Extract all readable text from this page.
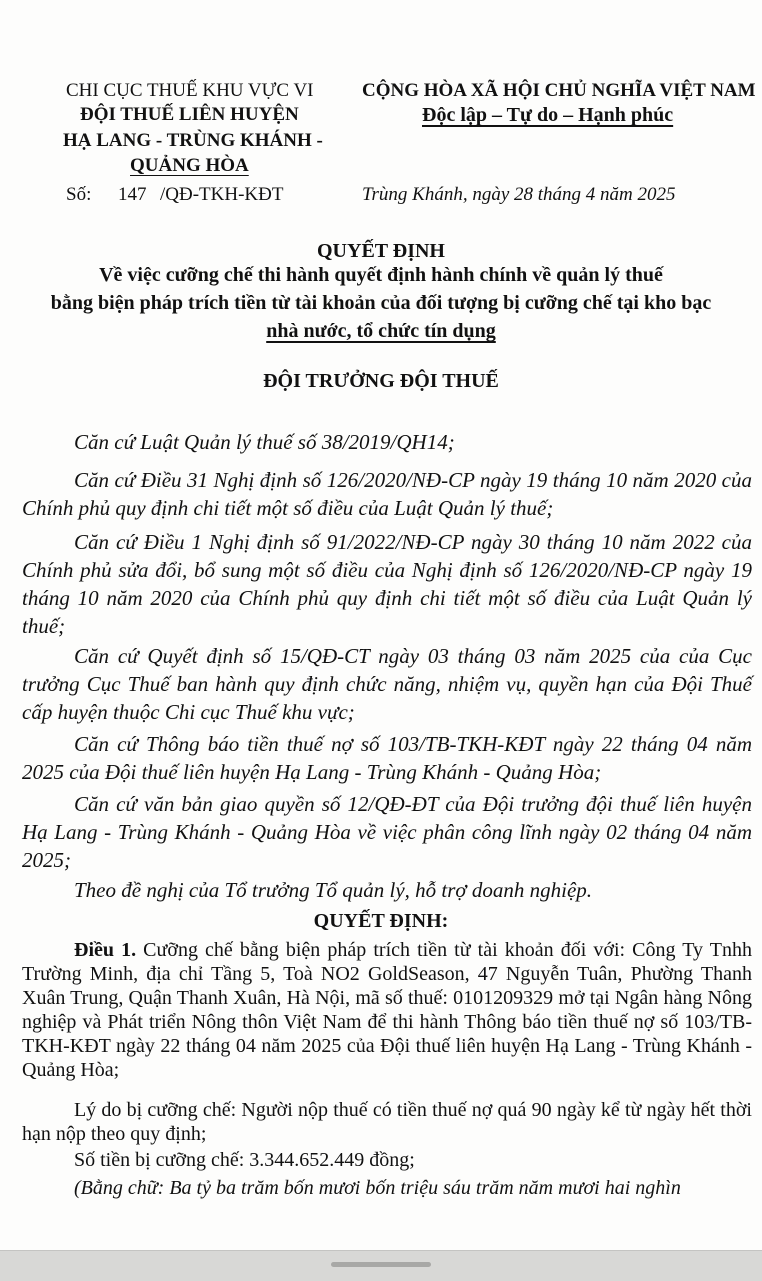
CHI CỤC THUẾ KHU VỰC VI
ĐỘI THUẾ LIÊN HUYỆN
HẠ LANG - TRÙNG KHÁNH -
QUẢNG HÒA
CỘNG HÒA XÃ HỘI CHỦ NGHĨA VIỆT NAM
Độc lập – Tự do – Hạnh phúc
Số: 147 /QĐ-TKH-KĐT	Trùng Khánh, ngày 28 tháng 4 năm 2025
QUYẾT ĐỊNH
Về việc cưỡng chế thi hành quyết định hành chính về quản lý thuế
bằng biện pháp trích tiền từ tài khoản của đối tượng bị cưỡng chế tại kho bạc
nhà nước, tổ chức tín dụng
ĐỘI TRƯỞNG ĐỘI THUẾ
Căn cứ Luật Quản lý thuế số 38/2019/QH14;
Căn cứ Điều 31 Nghị định số 126/2020/NĐ-CP ngày 19 tháng 10 năm 2020 của Chính phủ quy định chi tiết một số điều của Luật Quản lý thuế;
Căn cứ Điều 1 Nghị định số 91/2022/NĐ-CP ngày 30 tháng 10 năm 2022 của Chính phủ sửa đổi, bổ sung một số điều của Nghị định số 126/2020/NĐ-CP ngày 19 tháng 10 năm 2020 của Chính phủ quy định chi tiết một số điều của Luật Quản lý thuế;
Căn cứ Quyết định số 15/QĐ-CT ngày 03 tháng 03 năm 2025 của của Cục trưởng Cục Thuế ban hành quy định chức năng, nhiệm vụ, quyền hạn của Đội Thuế cấp huyện thuộc Chi cục Thuế khu vực;
Căn cứ Thông báo tiền thuế nợ số 103/TB-TKH-KĐT ngày 22 tháng 04 năm 2025 của Đội thuế liên huyện Hạ Lang - Trùng Khánh - Quảng Hòa;
Căn cứ văn bản giao quyền số 12/QĐ-ĐT của Đội trưởng đội thuế liên huyện Hạ Lang - Trùng Khánh - Quảng Hòa về việc phân công lĩnh ngày 02 tháng 04 năm 2025;
Theo đề nghị của Tổ trưởng Tổ quản lý, hỗ trợ doanh nghiệp.
QUYẾT ĐỊNH:
Điều 1. Cưỡng chế bằng biện pháp trích tiền từ tài khoản đối với: Công Ty Tnhh Trường Minh, địa chỉ Tầng 5, Toà NO2 GoldSeason, 47 Nguyễn Tuân, Phường Thanh Xuân Trung, Quận Thanh Xuân, Hà Nội, mã số thuế: 0101209329 mở tại Ngân hàng Nông nghiệp và Phát triển Nông thôn Việt Nam để thi hành Thông báo tiền thuế nợ số 103/TB-TKH-KĐT ngày 22 tháng 04 năm 2025 của Đội thuế liên huyện Hạ Lang - Trùng Khánh - Quảng Hòa;
Lý do bị cưỡng chế: Người nộp thuế có tiền thuế nợ quá 90 ngày kể từ ngày hết thời hạn nộp theo quy định;
Số tiền bị cưỡng chế: 3.344.652.449 đồng;
(Bằng chữ: Ba tỷ ba trăm bốn mươi bốn triệu sáu trăm năm mươi hai nghìn
